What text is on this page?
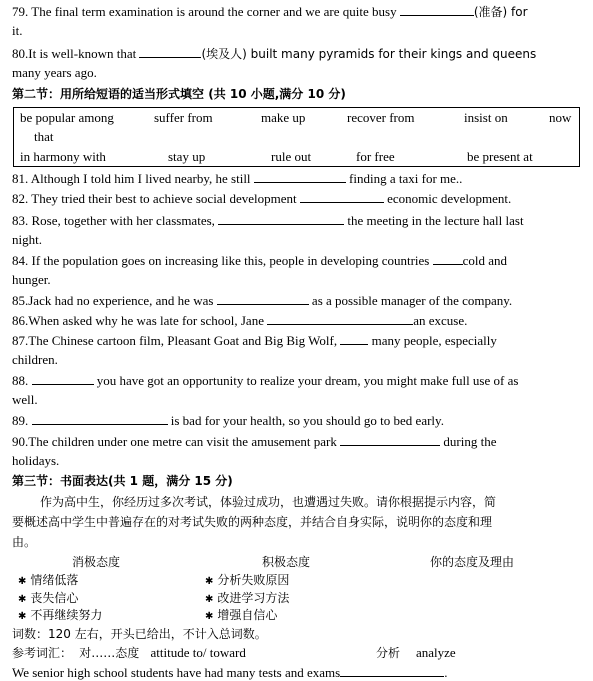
79. The final term examination is around the corner and we are quite busy	(准备) for
it.
80.It is well-known that	(埃及人) built many pyramids for their kings and queens
many years ago.
第二节：用所给短语的适当形式填空 (共 10 小题,满分 10 分)
be popular among	suffer from	make up	recover from	insist on	now
that
in harmony with	stay up	rule out	for free	be present at
81. Although I told him I lived nearby, he still	finding a taxi for me..
82. They tried their best to achieve social development	economic development.
83. Rose, together with her classmates,	the meeting in the lecture hall last
night.
84. If the population goes on increasing like this, people in developing countries	cold and
hunger.
85.Jack had no experience, and he was	as a possible manager of the company.
86.When asked why he was late for school, Jane	an excuse.
87.The Chinese cartoon film, Pleasant Goat and Big Big Wolf,	many people, especially
children.
88.	you have got an opportunity to realize your dream, you might make full use of as
well.
89.	is bad for your health, so you should go to bed early.
90.The children under one metre can visit the amusement park	during the
holidays.
第三节：书面表达(共 1 题，满分 15 分)
作为高中生，你经历过多次考试，体验过成功，也遭遇过失败。请你根据提示内容，简
要概述高中学生中普遍存在的对考试失败的两种态度，并结合自身实际，说明你的态度和理
由。
消极态度	积极态度	你的态度及理由
✱ 情绪低落
✱ 丧失信心
✱ 不再继续努力
✱ 分析失败原因
✱ 改进学习方法
✱ 增强自信心
词数：120 左右，开头已给出，不计入总词数。
参考词汇： 对……态度 attitude to/ toward	分析 analyze
We senior high school students have had many tests and exams	.
